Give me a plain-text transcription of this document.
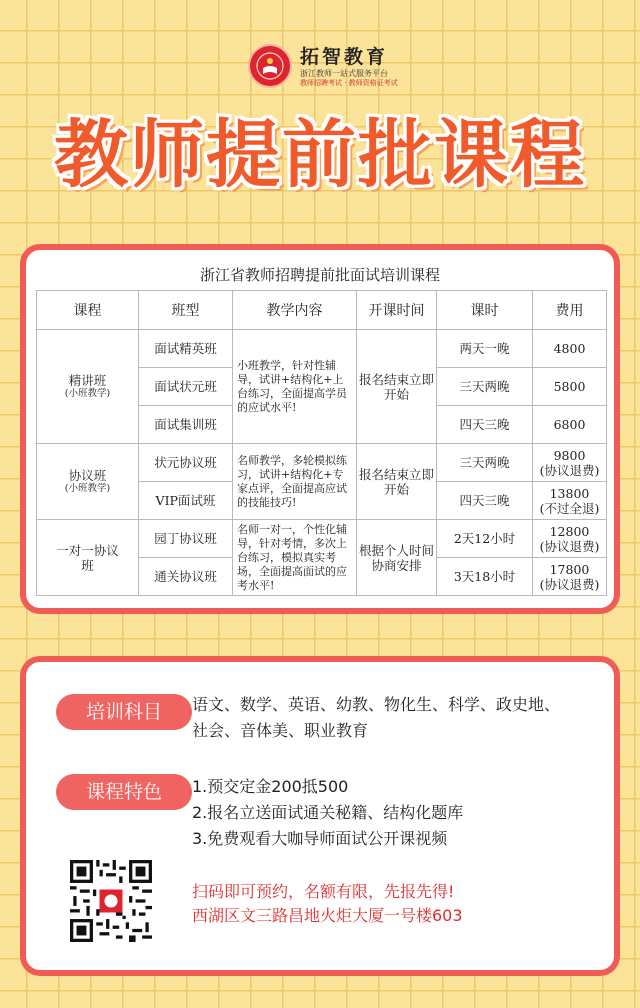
拓智教育
浙江教师一站式服务平台
教师招聘考试 · 教师资格证考试
教师提前批课程
浙江省教师招聘提前批面试培训课程
课程	班型	教学内容	开课时间	课时	费用
精讲班
(小班教学)	面试精英班	小班教学，针对性辅导，试讲+结构化+上台练习，全面提高学员的应试水平!	报名结束立即开始	两天一晚	4800
	面试状元班			三天两晚	5800
	面试集训班			四天三晚	6800
协议班
(小班教学)	状元协议班	名师教学，多轮模拟练习，试讲+结构化+专家点评，全面提高应试的技能技巧!	报名结束立即开始	三天两晚	9800
(协议退费)

	VIP面试班			四天三晚	13800
(不过全退)

一对一协议班	园丁协议班	名师一对一，个性化辅导，针对考情，多次上台练习，模拟真实考场，全面提高面试的应考水平!	根据个人时间协商安排	2天12小时	12800
(协议退费)

	通关协议班			3天18小时	17800
(协议退费)
培训科目	语文、数学、英语、幼教、物化生、科学、政史地、
社会、音体美、职业教育
课程特色	1.预交定金200抵500
2.报名立送面试通关秘籍、结构化题库
3.免费观看大咖导师面试公开课视频
扫码即可预约，名额有限，先报先得!
西湖区文三路昌地火炬大厦一号楼603
